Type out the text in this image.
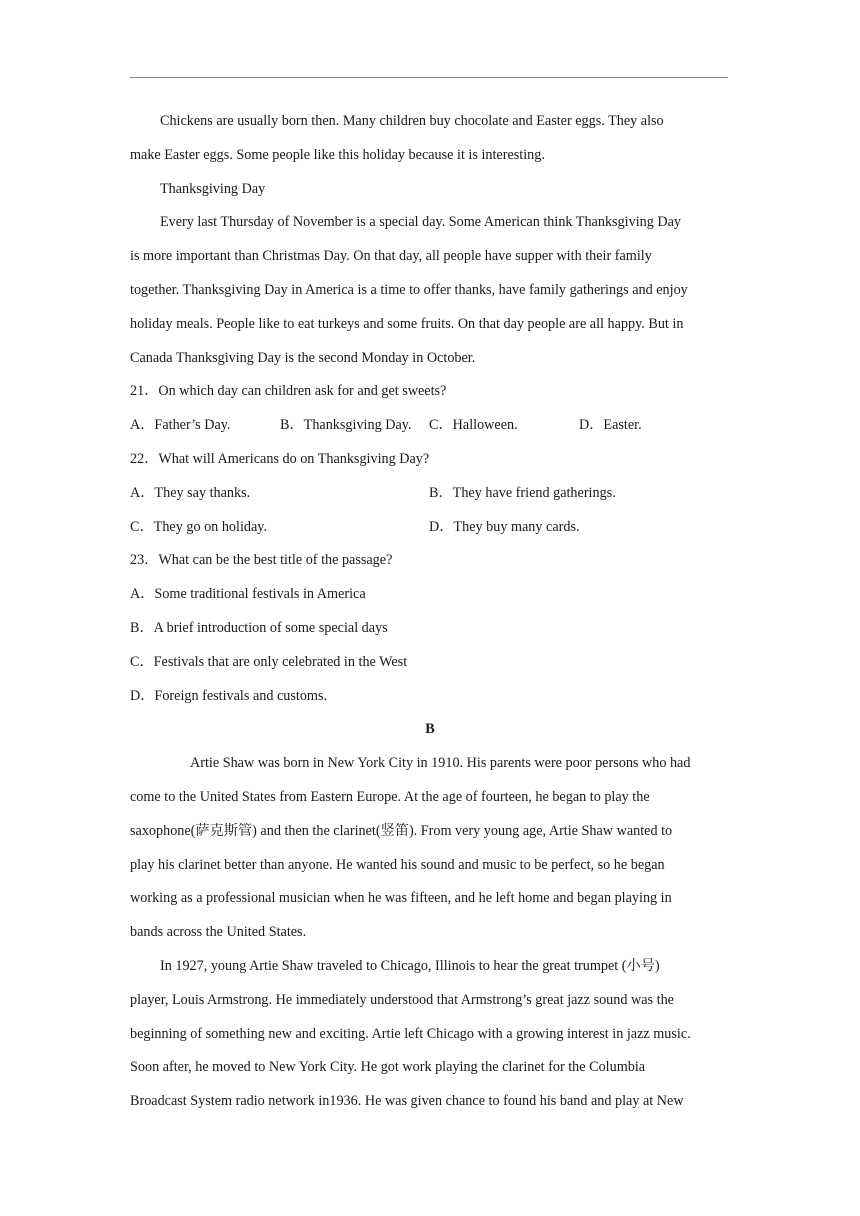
Chickens are usually born then. Many children buy chocolate and Easter eggs. They also
make Easter eggs. Some people like this holiday because it is interesting.
Thanksgiving Day
Every last Thursday of November is a special day. Some American think Thanksgiving Day
is more important than Christmas Day. On that day, all people have supper with their family
together. Thanksgiving Day in America is a time to offer thanks, have family gatherings and enjoy
holiday meals. People like to eat turkeys and some fruits. On that day people are all happy. But in
Canada Thanksgiving Day is the second Monday in October.
21．On which day can children ask for and get sweets?
A．Father’s Day.	B．Thanksgiving Day. C．Halloween.	D．Easter.
22．What will Americans do on Thanksgiving Day?
A．They say thanks.	B．They have friend gatherings.
C．They go on holiday.	D．They buy many cards.
23．What can be the best title of the passage?
A．Some traditional festivals in America
B．A brief introduction of some special days
C．Festivals that are only celebrated in the West
D．Foreign festivals and customs.
B
Artie Shaw was born in New York City in 1910. His parents were poor persons who had
come to the United States from Eastern Europe. At the age of fourteen, he began to play the
saxophone(萨克斯管) and then the clarinet(竖笛). From very young age, Artie Shaw wanted to
play his clarinet better than anyone. He wanted his sound and music to be perfect, so he began
working as a professional musician when he was fifteen, and he left home and began playing in
bands across the United States.
In 1927, young Artie Shaw traveled to Chicago, Illinois to hear the great trumpet (小号)
player, Louis Armstrong. He immediately understood that Armstrong’s great jazz sound was the
beginning of something new and exciting. Artie left Chicago with a growing interest in jazz music.
Soon after, he moved to New York City. He got work playing the clarinet for the Columbia
Broadcast System radio network in1936. He was given chance to found his band and play at New
